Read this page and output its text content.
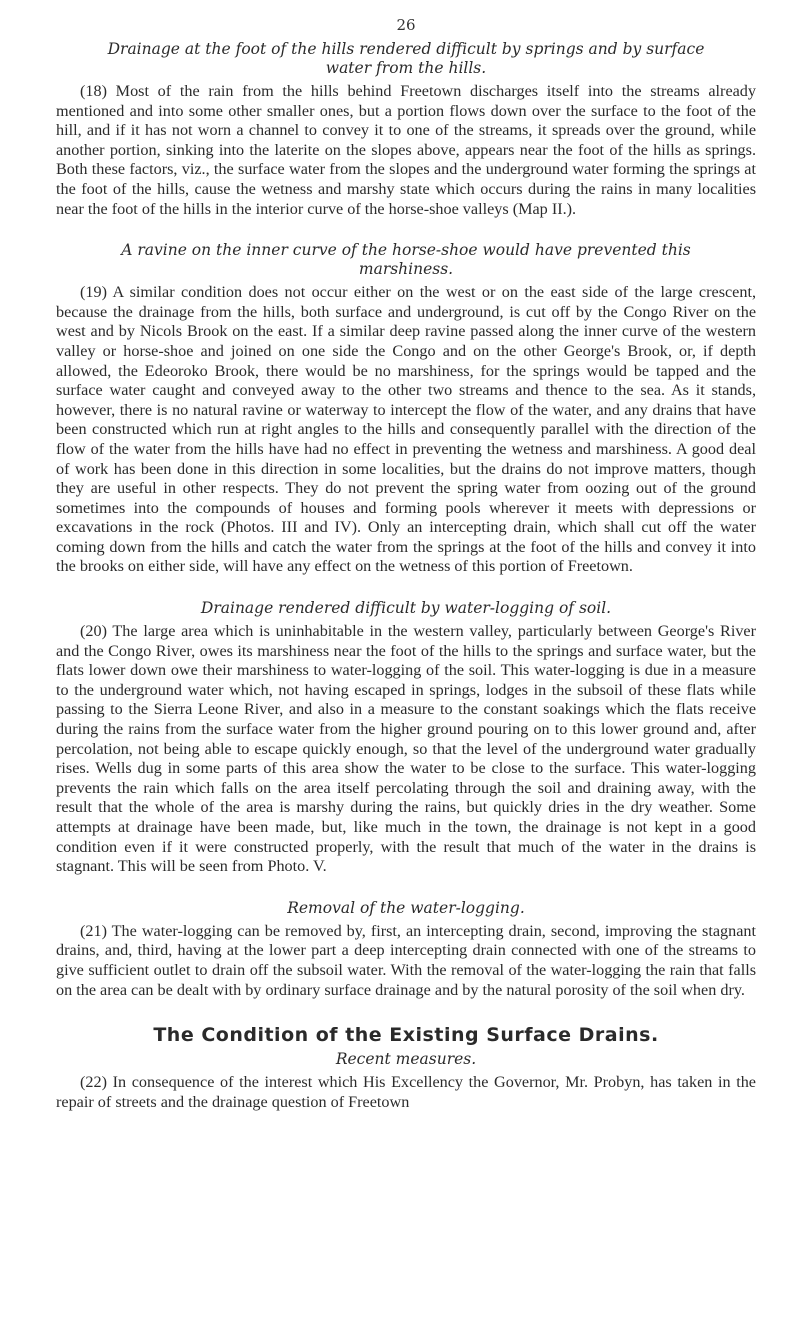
26

Drainage at the foot of the hills rendered difficult by springs and by surface water from the hills.

(18) Most of the rain from the hills behind Freetown discharges itself into the streams already mentioned and into some other smaller ones, but a portion flows down over the surface to the foot of the hill, and if it has not worn a channel to convey it to one of the streams, it spreads over the ground, while another portion, sinking into the laterite on the slopes above, appears near the foot of the hills as springs. Both these factors, viz., the surface water from the slopes and the underground water forming the springs at the foot of the hills, cause the wetness and marshy state which occurs during the rains in many localities near the foot of the hills in the interior curve of the horse-shoe valleys (Map II.).

A ravine on the inner curve of the horse-shoe would have prevented this marshiness.

(19) A similar condition does not occur either on the west or on the east side of the large crescent, because the drainage from the hills, both surface and underground, is cut off by the Congo River on the west and by Nicols Brook on the east. If a similar deep ravine passed along the inner curve of the western valley or horse-shoe and joined on one side the Congo and on the other George's Brook, or, if depth allowed, the Edeoroko Brook, there would be no marshiness, for the springs would be tapped and the surface water caught and conveyed away to the other two streams and thence to the sea. As it stands, however, there is no natural ravine or waterway to intercept the flow of the water, and any drains that have been constructed which run at right angles to the hills and consequently parallel with the direction of the flow of the water from the hills have had no effect in preventing the wetness and marshiness. A good deal of work has been done in this direction in some localities, but the drains do not improve matters, though they are useful in other respects. They do not prevent the spring water from oozing out of the ground sometimes into the compounds of houses and forming pools wherever it meets with depressions or excavations in the rock (Photos. III and IV). Only an intercepting drain, which shall cut off the water coming down from the hills and catch the water from the springs at the foot of the hills and convey it into the brooks on either side, will have any effect on the wetness of this portion of Freetown.

Drainage rendered difficult by water-logging of soil.

(20) The large area which is uninhabitable in the western valley, particularly between George's River and the Congo River, owes its marshiness near the foot of the hills to the springs and surface water, but the flats lower down owe their marshiness to water-logging of the soil. This water-logging is due in a measure to the underground water which, not having escaped in springs, lodges in the subsoil of these flats while passing to the Sierra Leone River, and also in a measure to the constant soakings which the flats receive during the rains from the surface water from the higher ground pouring on to this lower ground and, after percolation, not being able to escape quickly enough, so that the level of the underground water gradually rises. Wells dug in some parts of this area show the water to be close to the surface. This water-logging prevents the rain which falls on the area itself percolating through the soil and draining away, with the result that the whole of the area is marshy during the rains, but quickly dries in the dry weather. Some attempts at drainage have been made, but, like much in the town, the drainage is not kept in a good condition even if it were constructed properly, with the result that much of the water in the drains is stagnant. This will be seen from Photo. V.

Removal of the water-logging.

(21) The water-logging can be removed by, first, an intercepting drain, second, improving the stagnant drains, and, third, having at the lower part a deep intercepting drain connected with one of the streams to give sufficient outlet to drain off the subsoil water. With the removal of the water-logging the rain that falls on the area can be dealt with by ordinary surface drainage and by the natural porosity of the soil when dry.

The Condition of the Existing Surface Drains.

Recent measures.

(22) In consequence of the interest which His Excellency the Governor, Mr. Probyn, has taken in the repair of streets and the drainage question of Freetown
